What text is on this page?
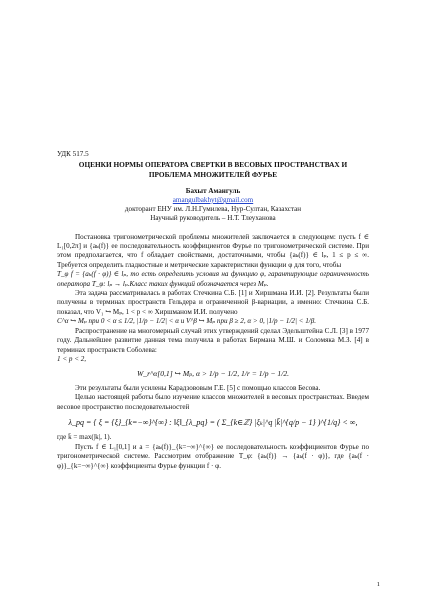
УДК 517.5
ОЦЕНКИ НОРМЫ ОПЕРАТОРА СВЕРТКИ В ВЕСОВЫХ ПРОСТРАНСТВАХ И
ПРОБЛЕМА МНОЖИТЕЛЕЙ ФУРЬЕ
Бахыт Амангуль
amangulbakhyt@gmail.com
докторант ЕНУ им. Л.Н.Гумилева, Нур-Султан, Казахстан
Научный руководитель – Н.Т. Тлеуханова

Постановка тригонометрической проблемы множителей заключается в следующем: пусть f ∈ L₁[0,2π] и {aₖ(f)} ее последовательность коэффициентов Фурье по тригонометрической системе. При этом предполагается, что f обладает свойствами, достаточными, чтобы {aₖ(f)} ∈ lₚ, 1 ≤ p ≤ ∞. Требуется определить гладкостные и метрические характеристики функции φ для того, чтобы

T_φ f = {aₖ(f · φ)} ∈ lₚ, то есть определить условия на функцию φ, гарантирующие ограниченность оператора T_φ: lₚ → lₚ.Класс таких функций обозначается через Mₚ.

Эта задача рассматривалась в работах Стечкина С.Б. [1] и Хиршмана И.И. [2]. Результаты были получены в терминах пространств Гельдера и ограниченной β-вариации, а именно: Стечкина С.Б. показал, что V₁ ↪ Mₚ, 1 < p < ∞ Хиршманом И.И. получено

C^α ↪ Mₚ при 0 < α ≤ 1/2, |1/p − 1/2| < α и V^β ↪ Mₚ при β ≥ 2, α > 0, |1/p − 1/2| < 1/β.

Распространение на многомерный случай этих утверждений сделал Эдельштейна С.Л. [3] в 1977 году. Дальнейшее развитие данная тема получила в работах Бирмана М.Ш. и Соломяка М.З. [4] в терминах пространств Соболева:

1 < p < 2,

W_r^α[0,1] ↪ Mₚ, α > 1/p − 1/2, 1/r = 1/p − 1/2.

Эти результаты были усилены Карадзововым Г.Е. [5] с помощью классов Бесова.

Целью настоящей работы было изучение классов множителей в весовых пространствах. Введем весовое пространство последовательностей

λ_pq = { ξ = {ξ}_{k=−∞}^{∞} : ‖ξ‖_{λ_pq} = ( Σ_{k∈ℤ} |ξₖ|^q |k̄|^{q/p − 1} )^{1/q} < ∞,

где k̄ = max(|k|, 1).

Пусть f ∈ L₁[0,1] и a = {aₖ(f)}_{k=−∞}^{∞} ее последовательность коэффициентов Фурье по тригонометрической системе. Рассмотрим отображение T_φ: {aₖ(f)} → {aₖ(f · φ)}, где {aₖ(f · φ)}_{k=−∞}^{∞} коэффициенты Фурье функции f · φ.

1
